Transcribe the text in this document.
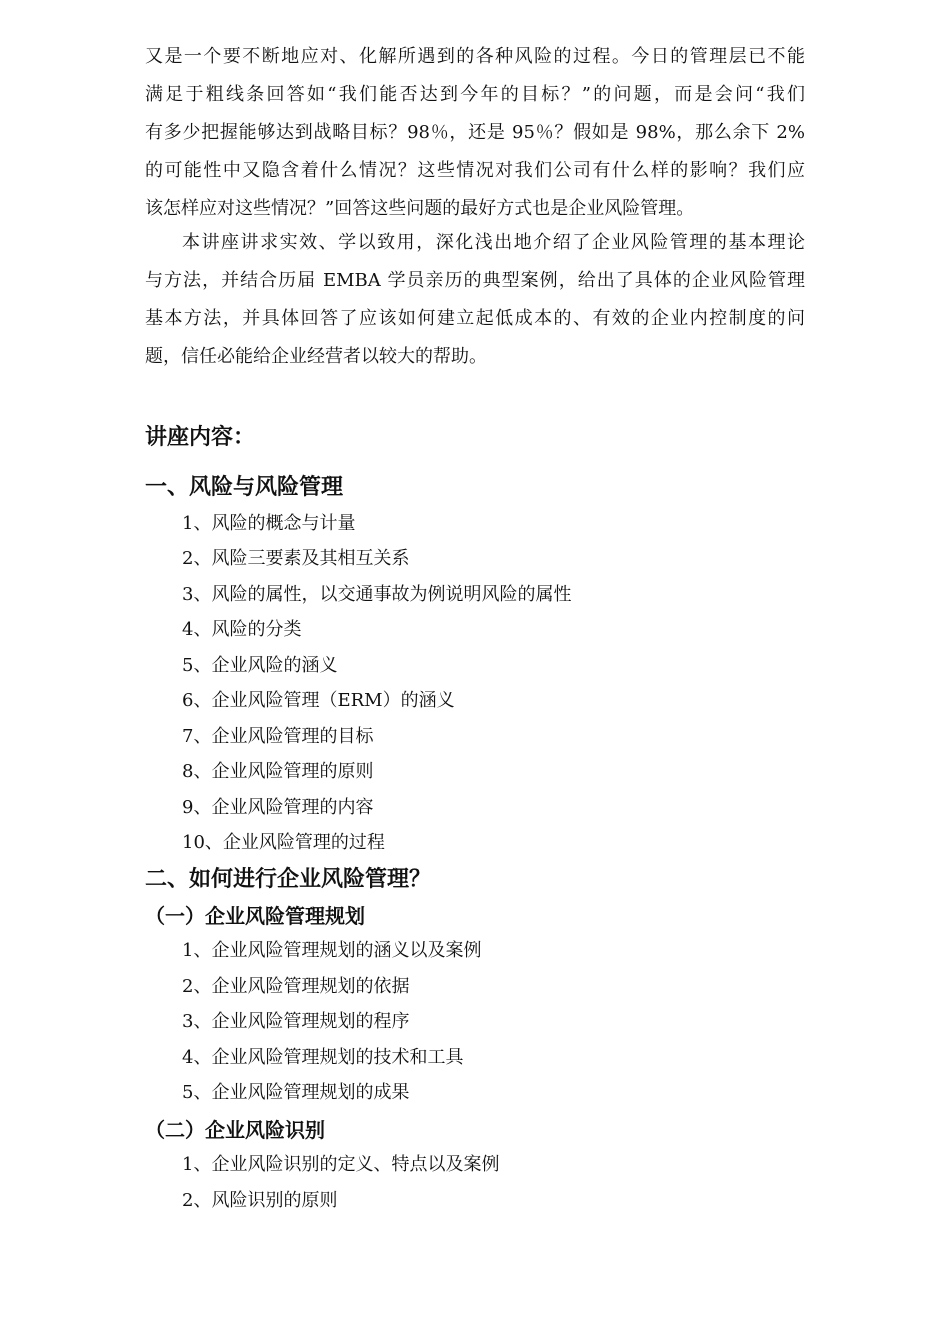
又是一个要不断地应对、化解所遇到的各种风险的过程。今日的管理层已不能
满足于粗线条回答如“我们能否达到今年的目标？”的问题，而是会问“我们
有多少把握能够达到战略目标？98％，还是 95％？假如是 98%，那么余下 2%
的可能性中又隐含着什么情况？这些情况对我们公司有什么样的影响？我们应
该怎样应对这些情况？”回答这些问题的最好方式也是企业风险管理。
本讲座讲求实效、学以致用，深化浅出地介绍了企业风险管理的基本理论
与方法，并结合历届 EMBA 学员亲历的典型案例，给出了具体的企业风险管理
基本方法，并具体回答了应该如何建立起低成本的、有效的企业内控制度的问
题，信任必能给企业经营者以较大的帮助。
讲座内容：
一、风险与风险管理
1、风险的概念与计量
2、风险三要素及其相互关系
3、风险的属性，以交通事故为例说明风险的属性
4、风险的分类
5、企业风险的涵义
6、企业风险管理（ERM）的涵义
7、企业风险管理的目标
8、企业风险管理的原则
9、企业风险管理的内容
10、企业风险管理的过程
二、如何进行企业风险管理？
（一）企业风险管理规划
1、企业风险管理规划的涵义以及案例
2、企业风险管理规划的依据
3、企业风险管理规划的程序
4、企业风险管理规划的技术和工具
5、企业风险管理规划的成果
（二）企业风险识别
1、企业风险识别的定义、特点以及案例
2、风险识别的原则
